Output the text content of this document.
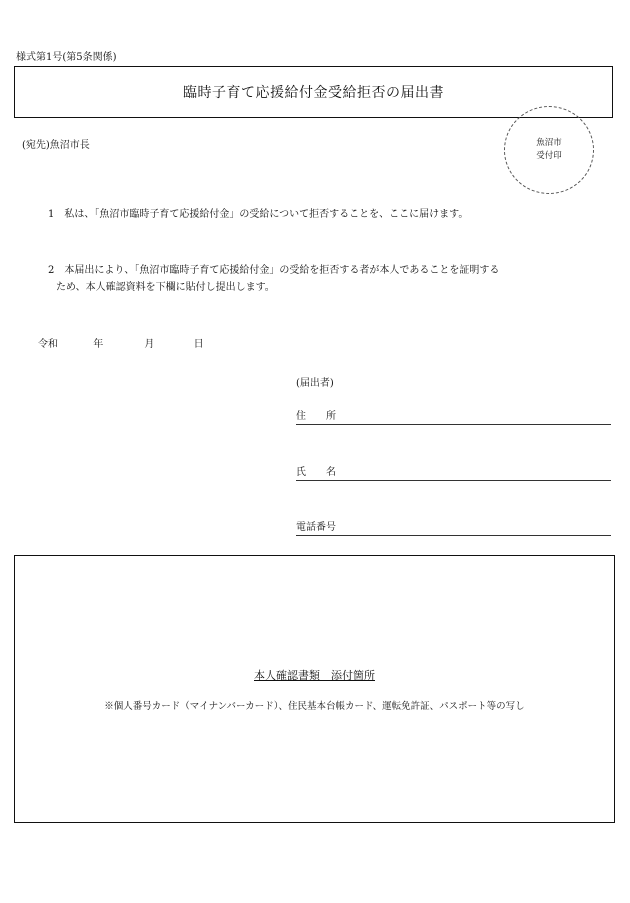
様式第1号(第5条関係)
臨時子育て応援給付金受給拒否の届出書
(宛先)魚沼市長	魚沼市
受付印
1　私は、「魚沼市臨時子育て応援給付金」の受給について拒否することを、ここに届けます。
2　本届出により、「魚沼市臨時子育て応援給付金」の受給を拒否する者が本人であることを証明する
ため、本人確認資料を下欄に貼付し提出します。
令和	年	月	日
(届出者)
住　　所
氏　　名
電話番号
本人確認書類　添付箇所
※個人番号カード（マイナンバーカード）、住民基本台帳カード、運転免許証、パスポート等の写し
